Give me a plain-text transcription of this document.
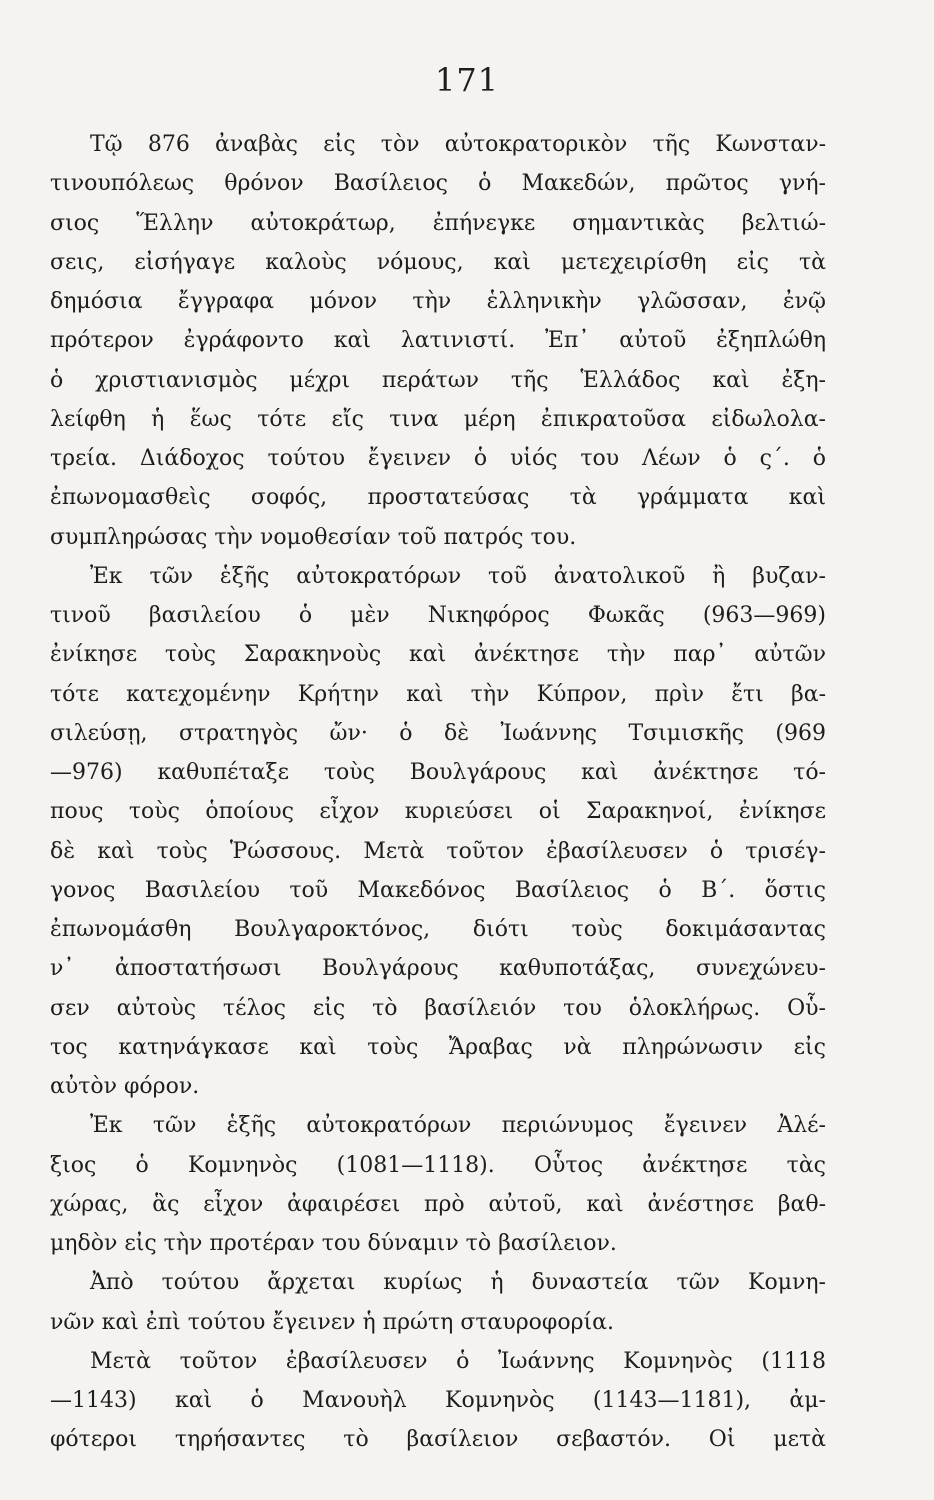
171
Τῷ 876 ἀναβὰς εἰς τὸν αὐτοκρατορικὸν τῆς Κωνσταν-
τινουπόλεως θρόνον Βασίλειος ὁ Μακεδών, πρῶτος γνή-
σιος Ἕλλην αὐτοκράτωρ, ἐπήνεγκε σημαντικὰς βελτιώ-
σεις, εἰσήγαγε καλοὺς νόμους, καὶ μετεχειρίσθη εἰς τὰ
δημόσια ἔγγραφα μόνον τὴν ἑλληνικὴν γλῶσσαν, ἐνῷ
πρότερον ἐγράφοντο καὶ λατινιστί. Ἐπ᾽ αὐτοῦ ἐξηπλώθη
ὁ χριστιανισμὸς μέχρι περάτων τῆς Ἑλλάδος καὶ ἐξη-
λείφθη ἡ ἕως τότε εἴς τινα μέρη ἐπικρατοῦσα εἰδωλολα-
τρεία. Διάδοχος τούτου ἔγεινεν ὁ υἱός του Λέων ὁ ς΄. ὁ
ἐπωνομασθεὶς σοφός, προστατεύσας τὰ γράμματα καὶ
συμπληρώσας τὴν νομοθεσίαν τοῦ πατρός του.
Ἐκ τῶν ἑξῆς αὐτοκρατόρων τοῦ ἀνατολικοῦ ἢ βυζαν-
τινοῦ βασιλείου ὁ μὲν Νικηφόρος Φωκᾶς (963—969)
ἐνίκησε τοὺς Σαρακηνοὺς καὶ ἀνέκτησε τὴν παρ᾽ αὐτῶν
τότε κατεχομένην Κρήτην καὶ τὴν Κύπρον, πρὶν ἔτι βα-
σιλεύσῃ, στρατηγὸς ὤν· ὁ δὲ Ἰωάννης Τσιμισκῆς (969
—976) καθυπέταξε τοὺς Βουλγάρους καὶ ἀνέκτησε τό-
πους τοὺς ὁποίους εἶχον κυριεύσει οἱ Σαρακηνοί, ἐνίκησε
δὲ καὶ τοὺς Ῥώσσους. Μετὰ τοῦτον ἐβασίλευσεν ὁ τρισέγ-
γονος Βασιλείου τοῦ Μακεδόνος Βασίλειος ὁ Β΄. ὅστις
ἐπωνομάσθη Βουλγαροκτόνος, διότι τοὺς δοκιμάσαντας
ν᾽ ἀποστατήσωσι Βουλγάρους καθυποτάξας, συνεχώνευ-
σεν αὐτοὺς τέλος εἰς τὸ βασίλειόν του ὁλοκλήρως. Οὗ-
τος κατηνάγκασε καὶ τοὺς Ἄραβας νὰ πληρώνωσιν εἰς
αὐτὸν φόρον.
Ἐκ τῶν ἑξῆς αὐτοκρατόρων περιώνυμος ἔγεινεν Ἀλέ-
ξιος ὁ Κομνηνὸς (1081—1118). Οὗτος ἀνέκτησε τὰς
χώρας, ἃς εἶχον ἀφαιρέσει πρὸ αὐτοῦ, καὶ ἀνέστησε βαθ-
μηδὸν εἰς τὴν προτέραν του δύναμιν τὸ βασίλειον.
Ἀπὸ τούτου ἄρχεται κυρίως ἡ δυναστεία τῶν Κομνη-
νῶν καὶ ἐπὶ τούτου ἔγεινεν ἡ πρώτη σταυροφορία.
Μετὰ τοῦτον ἐβασίλευσεν ὁ Ἰωάννης Κομνηνὸς (1118
—1143) καὶ ὁ Μανουὴλ Κομνηνὸς (1143—1181), ἀμ-
φότεροι τηρήσαντες τὸ βασίλειον σεβαστόν. Οἱ μετὰ
